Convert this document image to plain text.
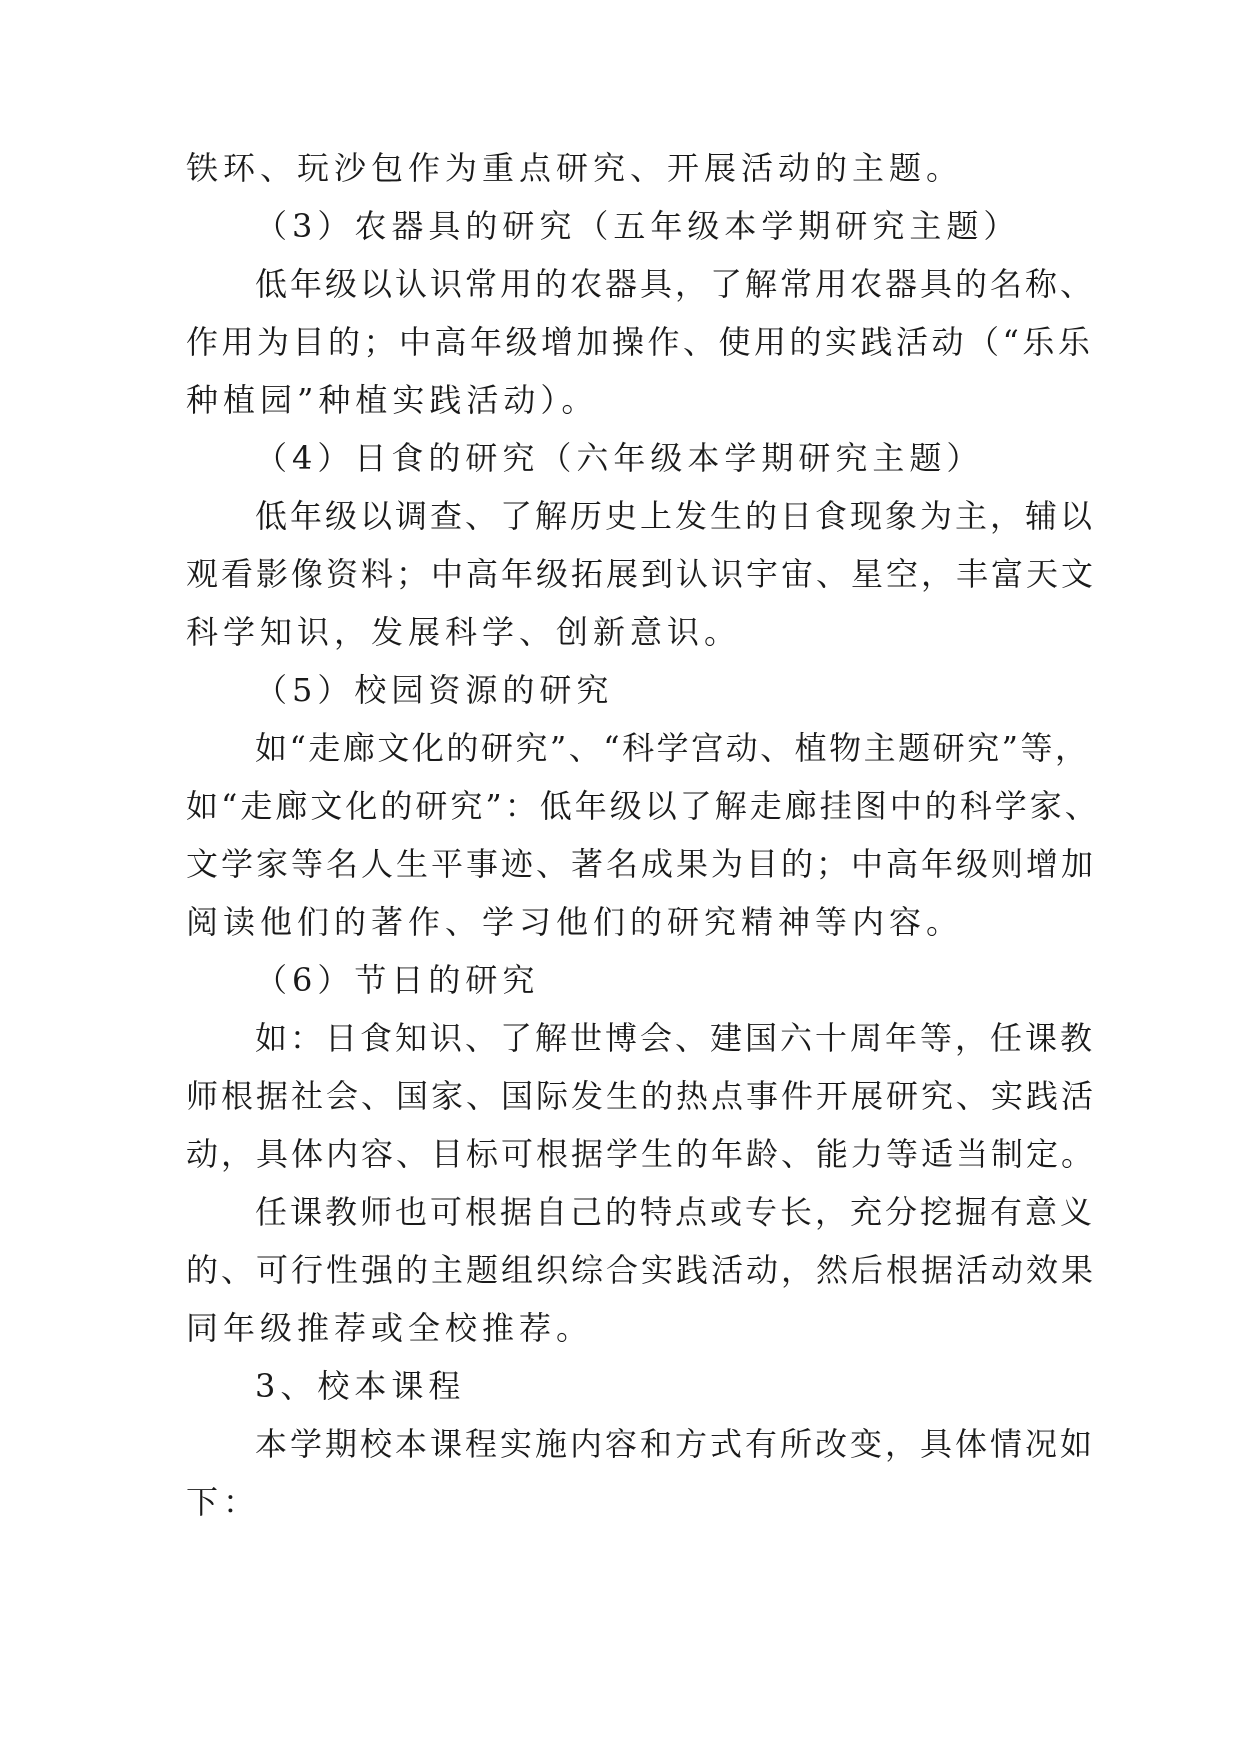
铁环、玩沙包作为重点研究、开展活动的主题。
（3）农器具的研究（五年级本学期研究主题）
低年级以认识常用的农器具，了解常用农器具的名称、
作用为目的；中高年级增加操作、使用的实践活动（“乐乐
种植园”种植实践活动）。
（4）日食的研究（六年级本学期研究主题）
低年级以调查、了解历史上发生的日食现象为主，辅以
观看影像资料；中高年级拓展到认识宇宙、星空，丰富天文
科学知识，发展科学、创新意识。
（5）校园资源的研究
如“走廊文化的研究”、“科学宫动、植物主题研究”等，
如“走廊文化的研究”：低年级以了解走廊挂图中的科学家、
文学家等名人生平事迹、著名成果为目的；中高年级则增加
阅读他们的著作、学习他们的研究精神等内容。
（6）节日的研究
如：日食知识、了解世博会、建国六十周年等，任课教
师根据社会、国家、国际发生的热点事件开展研究、实践活
动，具体内容、目标可根据学生的年龄、能力等适当制定。
任课教师也可根据自己的特点或专长，充分挖掘有意义
的、可行性强的主题组织综合实践活动，然后根据活动效果
同年级推荐或全校推荐。
3、校本课程
本学期校本课程实施内容和方式有所改变，具体情况如
下：
